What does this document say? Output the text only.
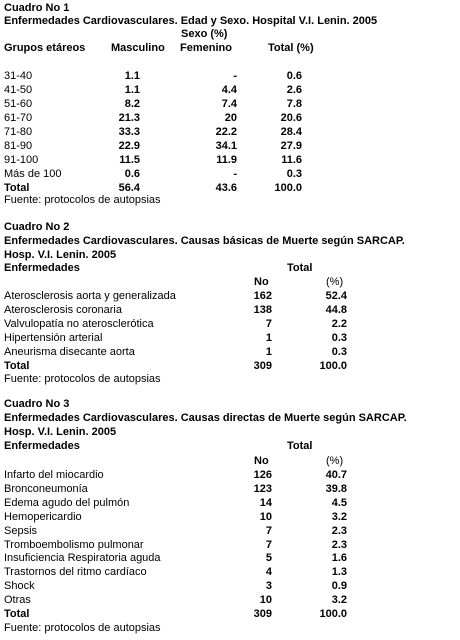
Cuadro No 1
Enfermedades Cardiovasculares. Edad y Sexo. Hospital V.I. Lenin. 2005
Sexo (%)
Grupos etáreos Masculino Femenino	Total (%)
31-40	1.1	-	0.6
41-50	1.1	4.4	2.6
51-60	8.2	7.4	7.8
61-70	21.3	20	20.6
71-80	33.3	22.2	28.4
81-90	22.9	34.1	27.9
91-100	11.5	11.9	11.6
Más de 100	0.6	-	0.3
Total	56.4	43.6	100.0
Fuente: protocolos de autopsias
Cuadro No 2
Enfermedades Cardiovasculares. Causas básicas de Muerte según SARCAP.
Hosp. V.I. Lenin. 2005
Enfermedades	Total
No	(%)
Aterosclerosis aorta y generalizada	162	52.4
Aterosclerosis coronaria	138	44.8
Valvulopatía no aterosclerótica	7	2.2
Hipertensión arterial	1	0.3
Aneurisma disecante aorta	1	0.3
Total	309	100.0
Fuente: protocolos de autopsias
Cuadro No 3
Enfermedades Cardiovasculares. Causas directas de Muerte según SARCAP.
Hosp. V.I. Lenin. 2005
Enfermedades	Total
No	(%)
Infarto del miocardio	126	40.7
Bronconeumonía	123	39.8
Edema agudo del pulmón	14	4.5
Hemopericardio	10	3.2
Sepsis	7	2.3
Tromboembolismo pulmonar	7	2.3
Insuficiencia Respiratoria aguda	5	1.6
Trastornos del ritmo cardíaco	4	1.3
Shock	3	0.9
Otras	10	3.2
Total	309	100.0
Fuente: protocolos de autopsias
